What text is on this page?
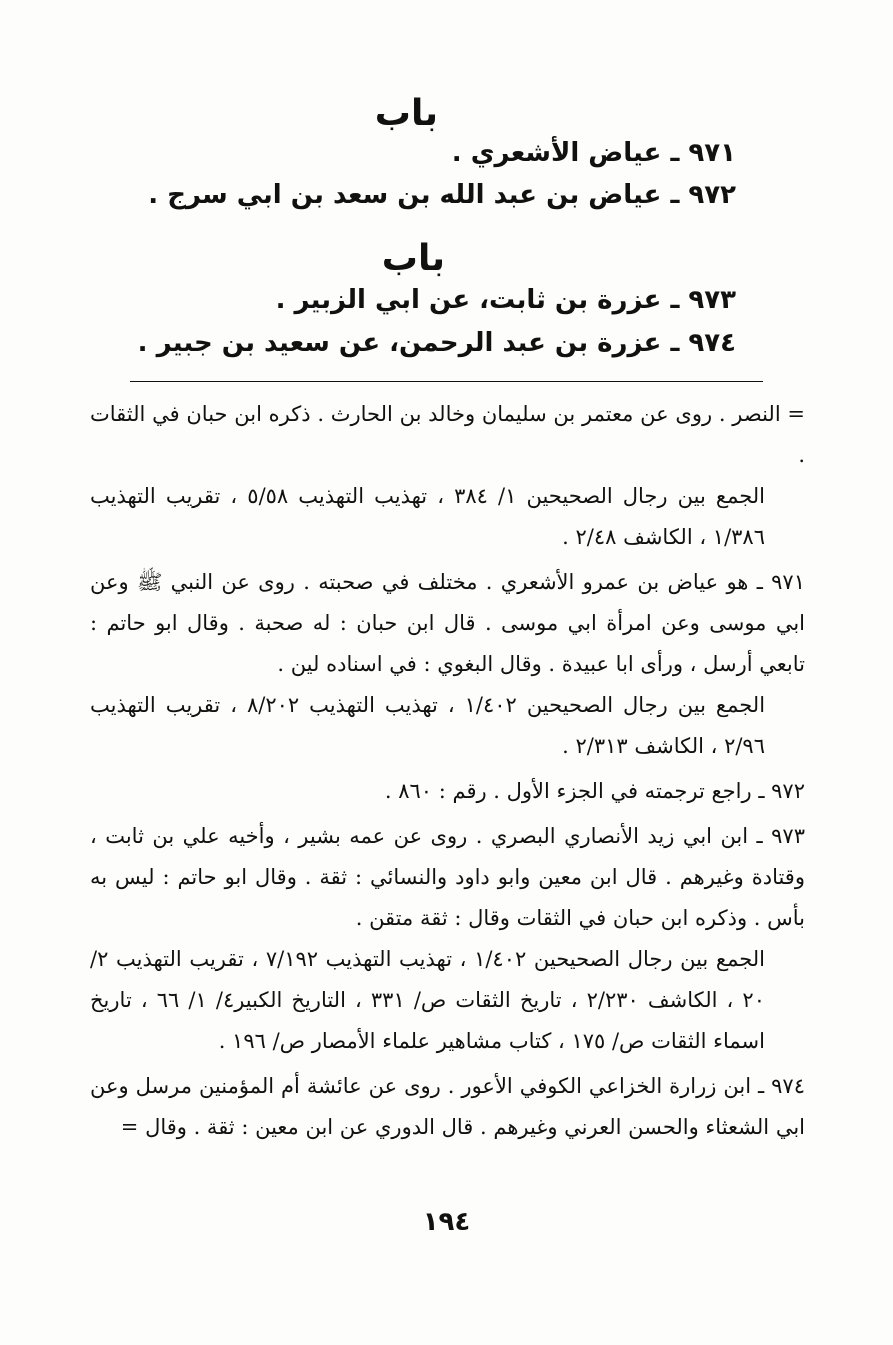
باب
٩٧١ ـ عياض الأشعري .
٩٧٢ ـ عياض بن عبد الله بن سعد بن ابي سرج .
باب
٩٧٣ ـ عزرة بن ثابت، عن ابي الزبير .
٩٧٤ ـ عزرة بن عبد الرحمن، عن سعيد بن جبير .

= النصر . روى عن معتمر بن سليمان وخالد بن الحارث . ذكره ابن حبان في الثقات .

الجمع بين رجال الصحيحين ١/ ٣٨٤ ، تهذيب التهذيب ٥/٥٨ ، تقريب التهذيب ١/٣٨٦ ، الكاشف ٢/٤٨ .

٩٧١ ـ هو عياض بن عمرو الأشعري . مختلف في صحبته . روى عن النبي ﷺ وعن ابي موسى وعن امرأة ابي موسى . قال ابن حبان : له صحبة . وقال ابو حاتم : تابعي أرسل ، ورأى ابا عبيدة . وقال البغوي : في اسناده لين .

الجمع بين رجال الصحيحين ١/٤٠٢ ، تهذيب التهذيب ٨/٢٠٢ ، تقريب التهذيب ٢/٩٦ ، الكاشف ٢/٣١٣ .

٩٧٢ ـ راجع ترجمته في الجزء الأول . رقم : ٨٦٠ .

٩٧٣ ـ ابن ابي زيد الأنصاري البصري . روى عن عمه بشير ، وأخيه علي بن ثابت ، وقتادة وغيرهم . قال ابن معين وابو داود والنسائي : ثقة . وقال ابو حاتم : ليس به بأس . وذكره ابن حبان في الثقات وقال : ثقة متقن .

الجمع بين رجال الصحيحين ١/٤٠٢ ، تهذيب التهذيب ٧/١٩٢ ، تقريب التهذيب ٢/ ٢٠ ، الكاشف ٢/٢٣٠ ، تاريخ الثقات ص/ ٣٣١ ، التاريخ الكبير٤/ ١/ ٦٦ ، تاريخ اسماء الثقات ص/ ١٧٥ ، كتاب مشاهير علماء الأمصار ص/ ١٩٦ .

٩٧٤ ـ ابن زرارة الخزاعي الكوفي الأعور . روى عن عائشة أم المؤمنين مرسل وعن ابي الشعثاء والحسن العرني وغيرهم . قال الدوري عن ابن معين : ثقة . وقال =

١٩٤
